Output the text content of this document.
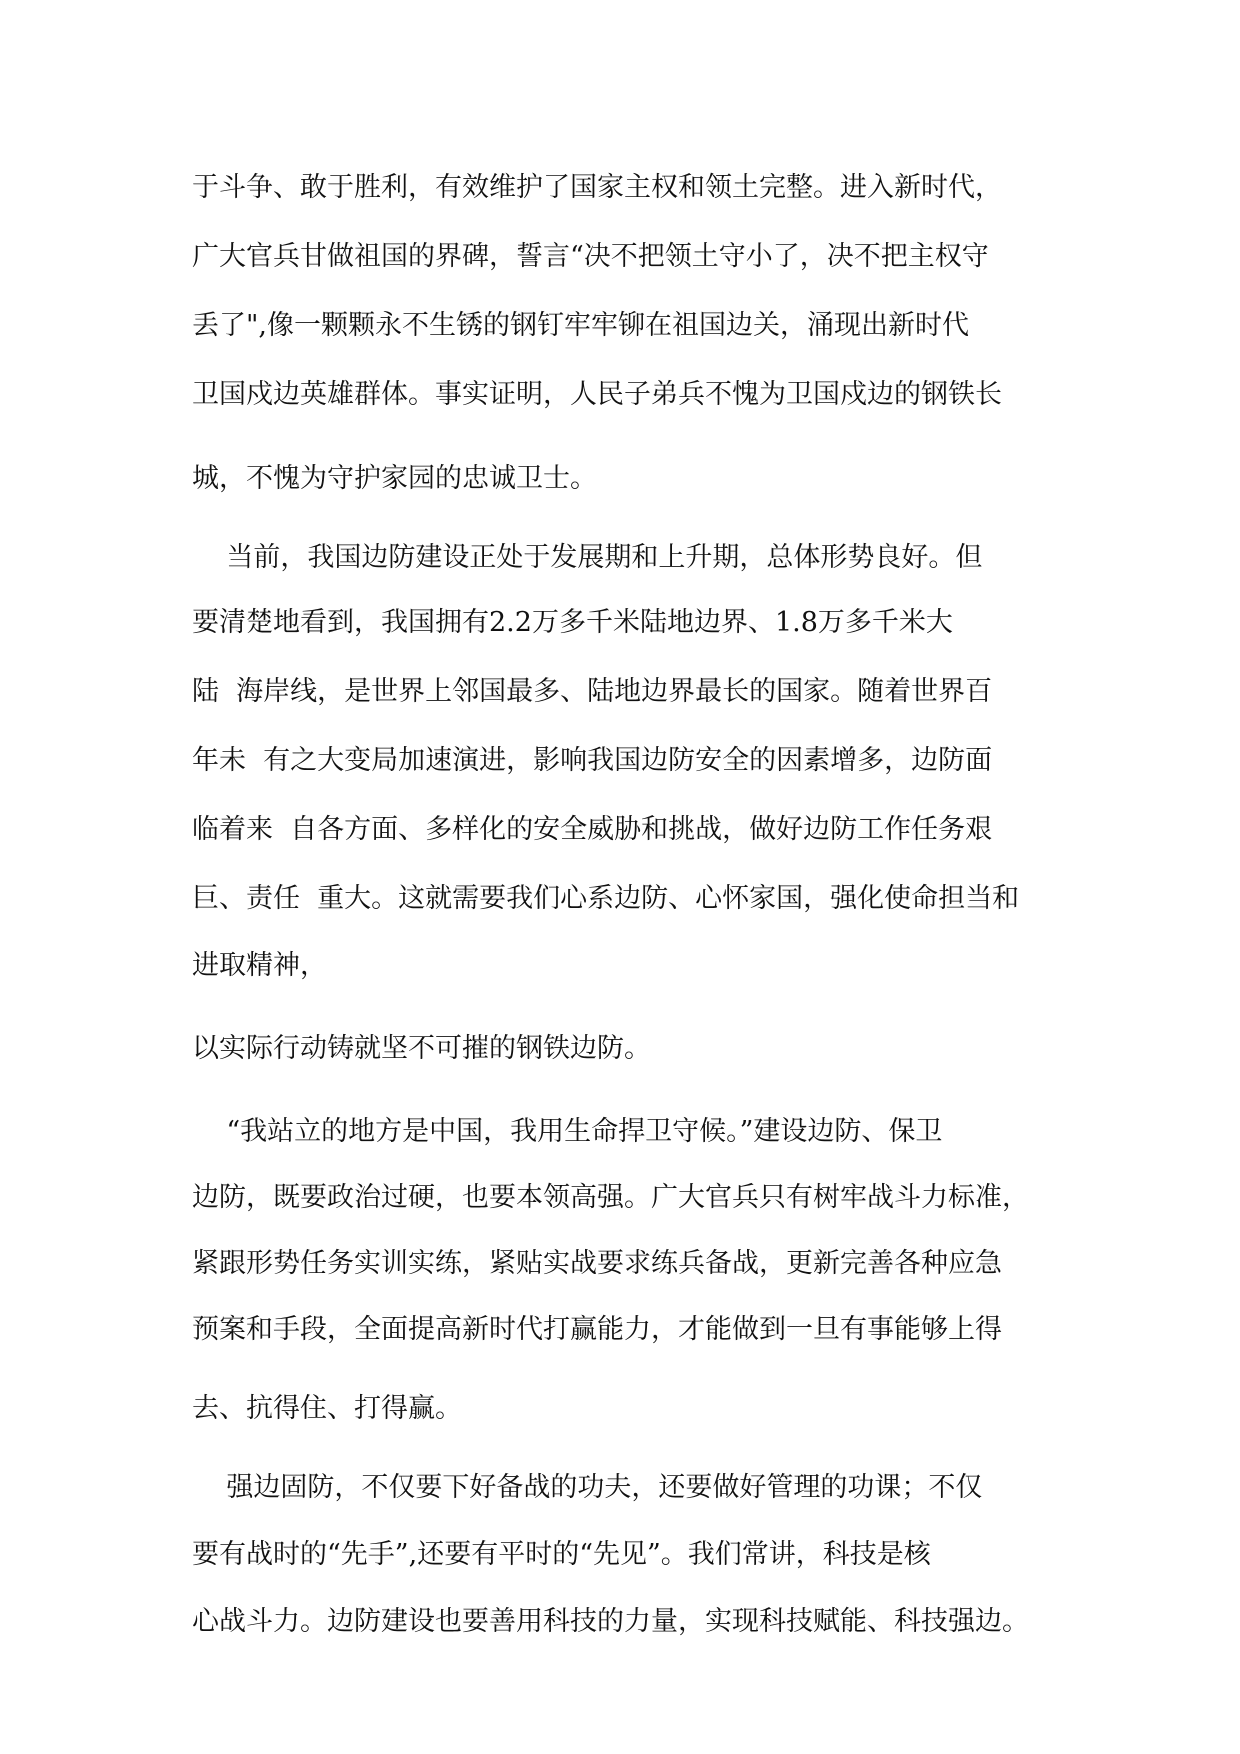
于斗争、敢于胜利，有效维护了国家主权和领土完整。进入新时代，
广大官兵甘做祖国的界碑，誓言“决不把领土守小了，决不把主权守
丢了",像一颗颗永不生锈的钢钉牢牢铆在祖国边关，涌现出新时代
卫国戍边英雄群体。事实证明，人民子弟兵不愧为卫国戍边的钢铁长
城，不愧为守护家园的忠诚卫士。
当前，我国边防建设正处于发展期和上升期，总体形势良好。但
要清楚地看到，我国拥有2.2万多千米陆地边界、1.8万多千米大
陆  海岸线，是世界上邻国最多、陆地边界最长的国家。随着世界百
年未  有之大变局加速演进，影响我国边防安全的因素增多，边防面
临着来  自各方面、多样化的安全威胁和挑战，做好边防工作任务艰
巨、责任  重大。这就需要我们心系边防、心怀家国，强化使命担当和
进取精神，
以实际行动铸就坚不可摧的钢铁边防。
“我站立的地方是中国，我用生命捍卫守候。”建设边防、保卫
边防，既要政治过硬，也要本领高强。广大官兵只有树牢战斗力标准，
紧跟形势任务实训实练，紧贴实战要求练兵备战，更新完善各种应急
预案和手段，全面提高新时代打赢能力，才能做到一旦有事能够上得
去、抗得住、打得赢。
强边固防，不仅要下好备战的功夫，还要做好管理的功课；不仅
要有战时的“先手”,还要有平时的“先见”。我们常讲，科技是核
心战斗力。边防建设也要善用科技的力量，实现科技赋能、科技强边。
